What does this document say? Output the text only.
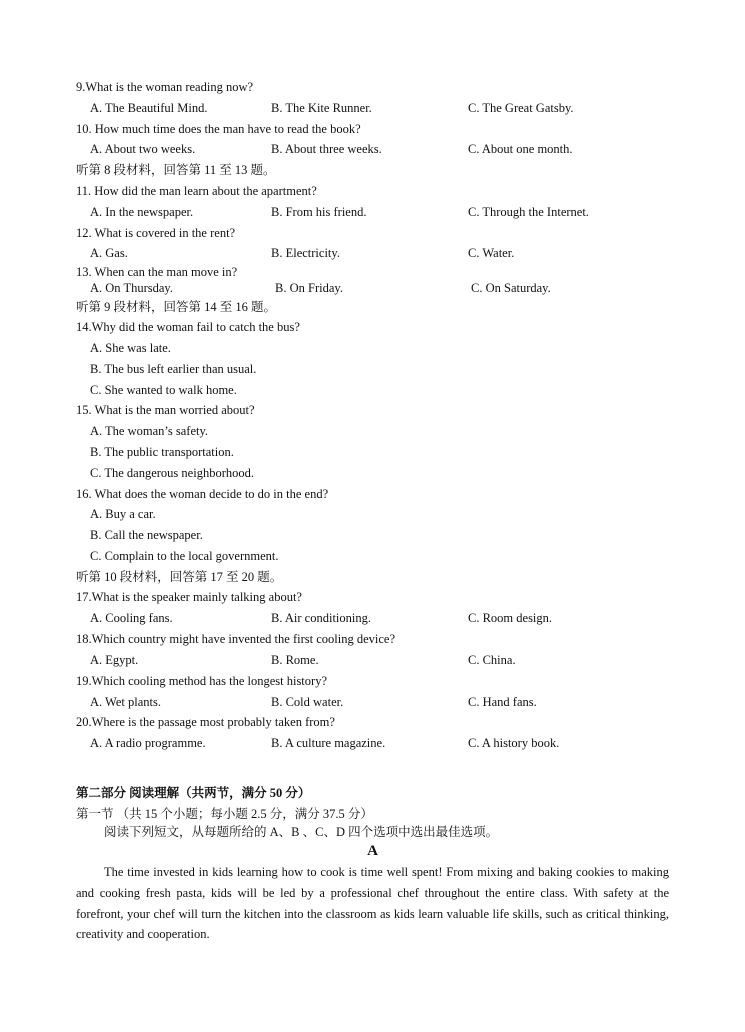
9.What is the woman reading now?
A. The Beautiful Mind.	B. The Kite Runner.	C. The Great Gatsby.
10. How much time does the man have to read the book?
A. About two weeks.	B. About three weeks.	C. About one month.
听第 8 段材料，回答第 11 至 13 题。
11. How did the man learn about the apartment?
A. In the newspaper.	B. From his friend.	C. Through the Internet.
12. What is covered in the rent?
A. Gas.	B. Electricity.	C. Water.
13. When can the man move in?
A. On Thursday.	B. On Friday.	C. On Saturday.
听第 9 段材料，回答第 14 至 16 题。
14.Why did the woman fail to catch the bus?
A. She was late.
B. The bus left earlier than usual.
C. She wanted to walk home.
15. What is the man worried about?
A. The woman’s safety.
B. The public transportation.
C. The dangerous neighborhood.
16. What does the woman decide to do in the end?
A. Buy a car.
B. Call the newspaper.
C. Complain to the local government.
听第 10 段材料，回答第 17 至 20 题。
17.What is the speaker mainly talking about?
A. Cooling fans.	B. Air conditioning.	C. Room design.
18.Which country might have invented the first cooling device?
A. Egypt.	B. Rome.	C. China.
19.Which cooling method has the longest history?
A. Wet plants.	B. Cold water.	C. Hand fans.
20.Where is the passage most probably taken from?
A. A radio programme.	B. A culture magazine.	C. A history book.
第二部分 阅读理解（共两节，满分 50 分）
第一节 （共 15 个小题；每小题 2.5 分，满分 37.5 分）
阅读下列短文，从每题所给的 A、B 、C、D 四个选项中选出最佳选项。
A
The time invested in kids learning how to cook is time well spent! From mixing and baking cookies to making and cooking fresh pasta, kids will be led by a professional chef throughout the entire class. With safety at the forefront, your chef will turn the kitchen into the classroom as kids learn valuable life skills, such as critical thinking, creativity and cooperation.
